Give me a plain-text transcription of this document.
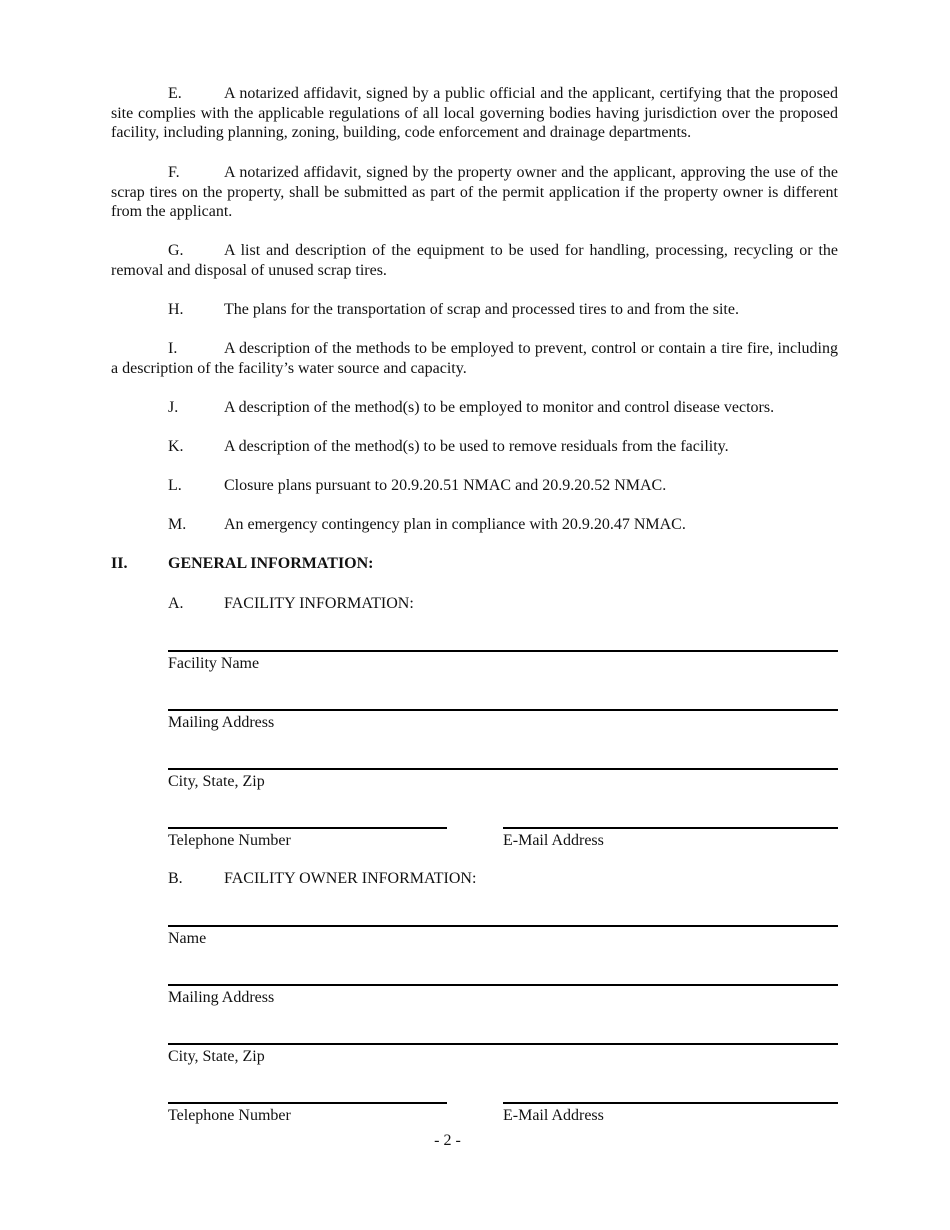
E.	A notarized affidavit, signed by a public official and the applicant, certifying that the proposed site complies with the applicable regulations of all local governing bodies having jurisdiction over the proposed facility, including planning, zoning, building, code enforcement and drainage departments.

F.	A notarized affidavit, signed by the property owner and the applicant, approving the use of the scrap tires on the property, shall be submitted as part of the permit application if the property owner is different from the applicant.

G.	A list and description of the equipment to be used for handling, processing, recycling or the removal and disposal of unused scrap tires.

H.	The plans for the transportation of scrap and processed tires to and from the site.

I.	A description of the methods to be employed to prevent, control or contain a tire fire, including a description of the facility’s water source and capacity.

J.	A description of the method(s) to be employed to monitor and control disease vectors.

K.	A description of the method(s) to be used to remove residuals from the facility.

L.	Closure plans pursuant to 20.9.20.51 NMAC and 20.9.20.52 NMAC.

M. An emergency contingency plan in compliance with 20.9.20.47 NMAC.

II.	GENERAL INFORMATION:

A.	FACILITY INFORMATION:

Facility Name
Mailing Address
City, State, Zip
Telephone Number	E-Mail Address

B.	FACILITY OWNER INFORMATION:

Name
Mailing Address
City, State, Zip
Telephone Number	E-Mail Address
- 2 -
